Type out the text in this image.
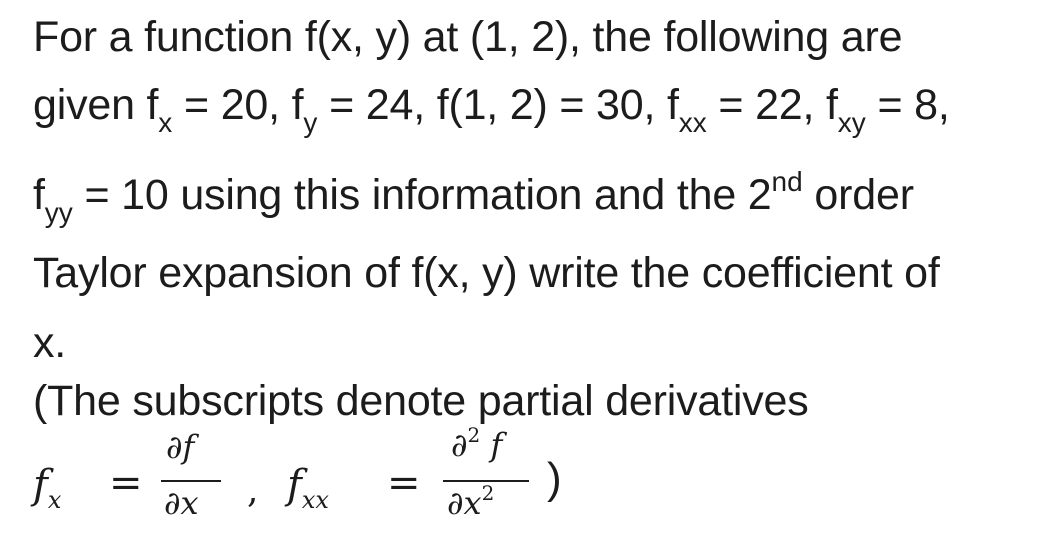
For a function f(x, y) at (1, 2), the following are
given $f_x = 20$, $f_y = 24$, f(1, 2) = 30, $f_{xx} = 22$, $f_{xy} = 8$,
$f_{yy} = 10$ using this information and the 2nd order
Taylor expansion of f(x, y) write the coefficient of
x.
(The subscripts denote partial derivatives
$f_x$ =
∂f
∂x , $f_{xx}$ =
∂$^2$ f
$\partial x^2$ )
